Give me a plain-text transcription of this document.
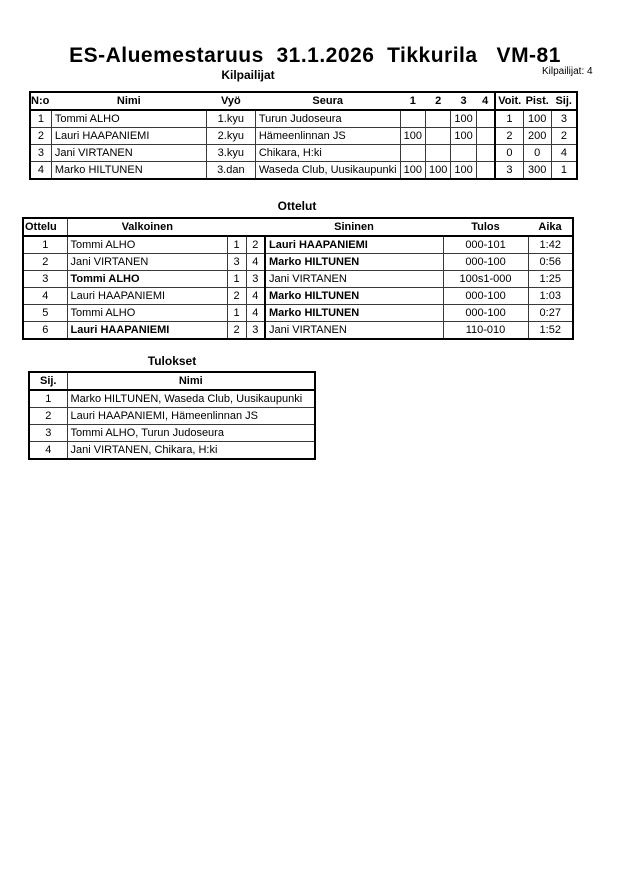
ES-Aluemestaruus  31.1.2026  Tikkurila   VM-81
Kilpailijat	Kilpailijat: 4
N:o	Nimi	Vyö	Seura	1	2	3	4	Voit.	Pist.	Sij.
1	Tommi ALHO	1.kyu	Turun Judoseura			100		1	100	3
2	Lauri HAAPANIEMI	2.kyu	Hämeenlinnan JS	100		100		2	200	2
3	Jani VIRTANEN	3.kyu	Chikara, H:ki					0	0	4
4	Marko HILTUNEN	3.dan	Waseda Club, Uusikaupunki	100	100	100		3	300	1
Ottelut
Ottelu	Valkoinen			Sininen	Tulos	Aika
1	Tommi ALHO	1	2	Lauri HAAPANIEMI	000-101	1:42
2	Jani VIRTANEN	3	4	Marko HILTUNEN	000-100	0:56
3	Tommi ALHO	1	3	Jani VIRTANEN	100s1-000	1:25
4	Lauri HAAPANIEMI	2	4	Marko HILTUNEN	000-100	1:03
5	Tommi ALHO	1	4	Marko HILTUNEN	000-100	0:27
6	Lauri HAAPANIEMI	2	3	Jani VIRTANEN	110-010	1:52
Tulokset
Sij.	Nimi
1	Marko HILTUNEN, Waseda Club, Uusikaupunki
2	Lauri HAAPANIEMI, Hämeenlinnan JS
3	Tommi ALHO, Turun Judoseura
4	Jani VIRTANEN, Chikara, H:ki
